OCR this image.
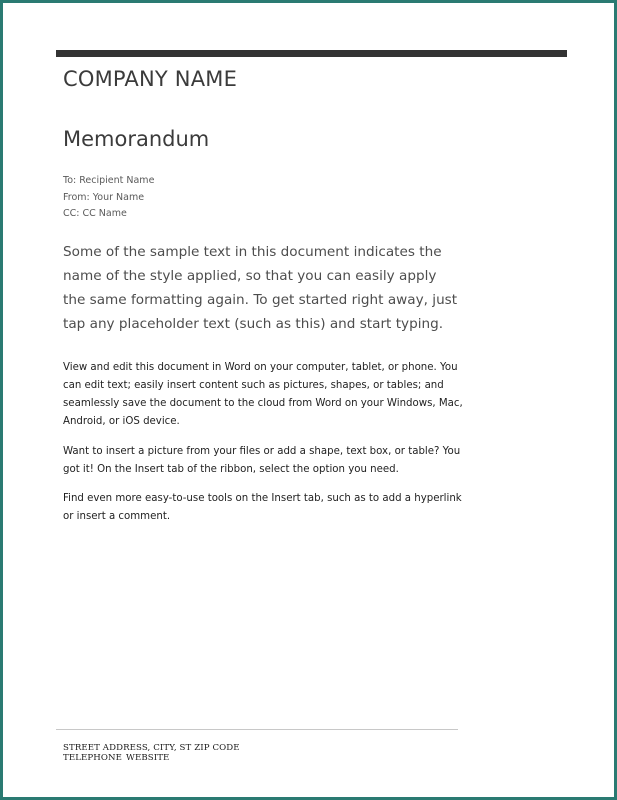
COMPANY NAME
Memorandum
To: Recipient Name
From: Your Name
CC: CC Name

Some of the sample text in this document indicates the name of the style applied, so that you can easily apply the same formatting again. To get started right away, just tap any placeholder text (such as this) and start typing.

View and edit this document in Word on your computer, tablet, or phone. You can edit text; easily insert content such as pictures, shapes, or tables; and seamlessly save the document to the cloud from Word on your Windows, Mac, Android, or iOS device.

Want to insert a picture from your files or add a shape, text box, or table? You got it! On the Insert tab of the ribbon, select the option you need.

Find even more easy-to-use tools on the Insert tab, such as to add a hyperlink or insert a comment.

STREET ADDRESS, CITY, ST ZIP CODE
TELEPHONE WEBSITE
